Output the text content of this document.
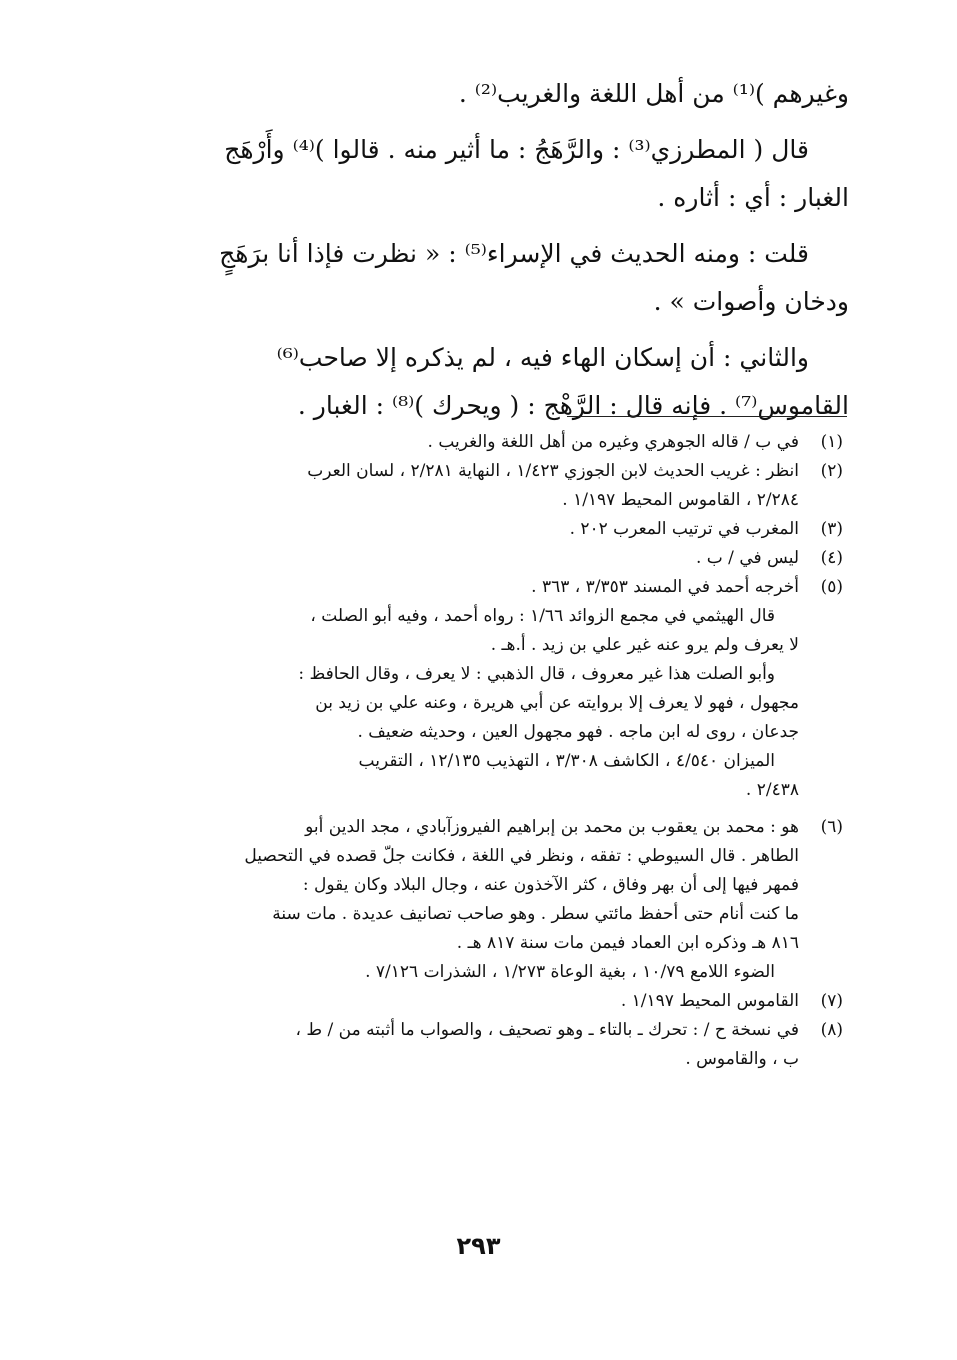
وغيرهم )⁽¹⁾ من أهل اللغة والغريب⁽²⁾ .

قال ( المطرزي⁽³⁾ : والرَّهَجُ : ما أثير منه . قالوا )⁽⁴⁾ وأَرْهَج

الغبار : أي : أثاره .

قلت : ومنه الحديث في الإسراء⁽⁵⁾ : « نظرت فإذا أنا برَهَجٍ

ودخان وأصوات » .

والثاني : أن إسكان الهاء فيه ، لم يذكره إلا صاحب⁽⁶⁾

القاموس⁽⁷⁾ . فإنه قال : الرَّهْج : ( ويحرك )⁽⁸⁾ : الغبار .

(١)

في ب / قاله الجوهري وغيره من أهل اللغة والغريب .

(٢)

انظر : غريب الحديث لابن الجوزي ١/٤٢٣ ، النهاية ٢/٢٨١ ، لسان العرب

٢/٢٨٤ ، القاموس المحيط ١/١٩٧ .

(٣)

المغرب في ترتيب المعرب ٢٠٢ .

(٤)

ليس في / ب .

(٥)

أخرجه أحمد في المسند ٣/٣٥٣ ، ٣٦٣ .

قال الهيثمي في مجمع الزوائد ١/٦٦ : رواه أحمد ، وفيه أبو الصلت ،

لا يعرف ولم يرو عنه غير علي بن زيد . أ.هـ .

وأبو الصلت هذا غير معروف ، قال الذهبي : لا يعرف ، وقال الحافظ :

مجهول ، فهو لا يعرف إلا بروايته عن أبي هريرة ، وعنه علي بن زيد بن

جدعان ، روى له ابن ماجه . فهو مجهول العين ، وحديثه ضعيف .

الميزان ٤/٥٤٠ ، الكاشف ٣/٣٠٨ ، التهذيب ١٢/١٣٥ ، التقريب

٢/٤٣٨ .

(٦)

هو : محمد بن يعقوب بن محمد بن إبراهيم الفيروزآبادي ، مجد الدين أبو

الطاهر . قال السيوطي : تفقه ، ونظر في اللغة ، فكانت جلّ قصده في التحصيل

فمهر فيها إلى أن بهر وفاق ، كثر الآخذون عنه ، وجال البلاد وكان يقول :

ما كنت أنام حتى أحفظ مائتي سطر . وهو صاحب تصانيف عديدة . مات سنة

٨١٦ هـ وذكره ابن العماد فيمن مات سنة ٨١٧ هـ .

الضوء اللامع ١٠/٧٩ ، بغية الوعاة ١/٢٧٣ ، الشذرات ٧/١٢٦ .

(٧)

القاموس المحيط ١/١٩٧ .

(٨)

في نسخة ح / : تحرك ـ بالتاء ـ وهو تصحيف ، والصواب ما أثبته من / ط ،

ب ، والقاموس .

٢٩٣
